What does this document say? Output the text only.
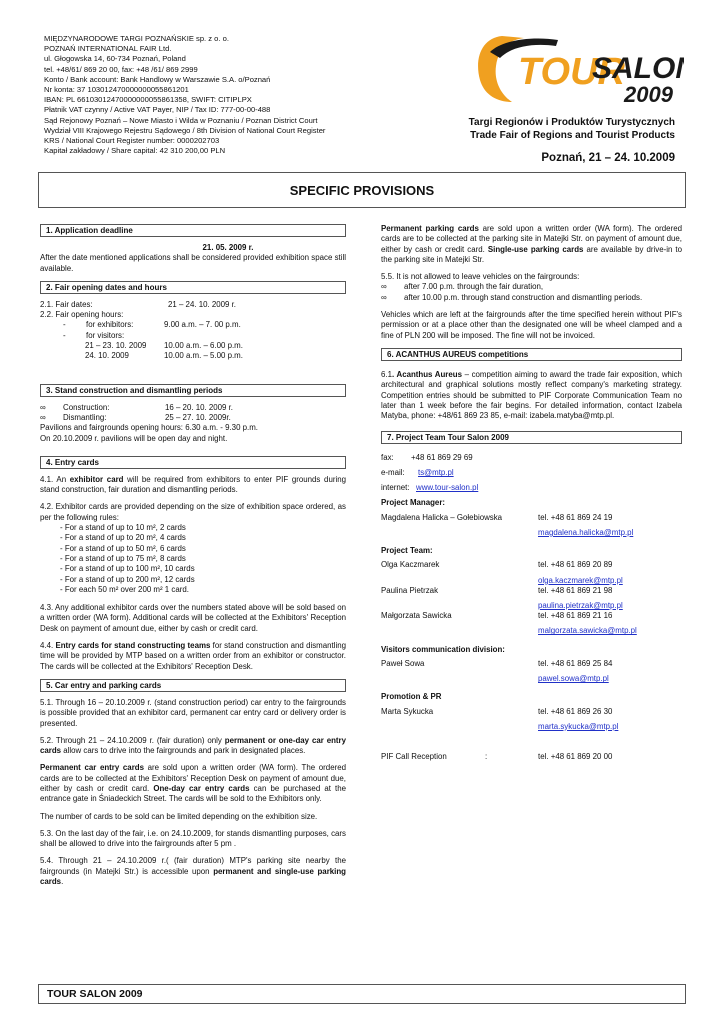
MIĘDZYNARODOWE TARGI POZNAŃSKIE sp. z o. o.
POZNAŃ INTERNATIONAL FAIR Ltd.
ul. Głogowska 14, 60-734 Poznań, Poland
tel. +48/61/ 869 20 00, fax: +48 /61/ 869 2999
Konto / Bank account: Bank Handlowy w Warszawie S.A. o/Poznań
Nr konta: 37 103012470000000055861201
IBAN: PL 66103012470000000055861358, SWIFT: CITIPLPX
Płatnik VAT czynny / Active VAT Payer, NIP / Tax ID: 777-00-00-488
Sąd Rejonowy Poznań – Nowe Miasto i Wilda w Poznaniu / Poznan District Court
Wydział VIII Krajowego Rejestru Sądowego / 8th Division of National Court Register
KRS / National Court Register number: 0000202703
Kapitał zakładowy / Share capital: 42 310 200,00 PLN
TOUR
SALO
2009
Targi Regionów i Produktów Turystycznych
Trade Fair of Regions and Tourist Products
Poznań, 21 – 24. 10.2009
SPECIFIC PROVISIONS
1. Application deadline
21. 05. 2009 r.

After the date mentioned applications shall be considered provided exhibition space still available.

2. Fair opening dates and hours
2.1. Fair dates:	21 – 24. 10. 2009 r.
2.2. Fair opening hours:
-	for exhibitors:	9.00 a.m. – 7. 00 p.m.
-	for visitors:
21 – 23. 10. 2009	10.00 a.m. – 6.00 p.m.
24. 10. 2009	10.00 a.m. – 5.00 p.m.
3. Stand construction and dismantling periods
∞	Construction:	16 – 20. 10. 2009 r.
∞	Dismantling:	25 – 27. 10. 2009r.
Pavilions and fairgrounds opening hours: 6.30 a.m. - 9.30 p.m.
On 20.10.2009 r. pavilions will be open day and night.
4. Entry cards

4.1. An exhibitor card will be required from exhibitors to enter PIF grounds during stand construction, fair duration and dismantling periods.

4.2. Exhibitor cards are provided depending on the size of exhibition space ordered, as per the following rules:

- For a stand of up to 10 m², 2 cards
- For a stand of up to 20 m², 4 cards
- For a stand of up to 50 m², 6 cards
- For a stand of up to 75 m², 8 cards
- For a stand of up to 100 m², 10 cards
- For a stand of up to 200 m², 12 cards
- For each 50 m² over 200 m² 1 card.

4.3. Any additional exhibitor cards over the numbers stated above will be sold based on a written order (WA form). Additional cards will be collected at the Exhibitors' Reception Desk on payment of amount due, either by cash or credit card.

4.4. Entry cards for stand constructing teams for stand construction and dismantling time will be provided by MTP based on a written order from an exhibitor or constructor. The cards will be collected at the Exhibitors' Reception Desk.

5. Car entry and parking cards

5.1. Through 16 – 20.10.2009 r. (stand construction period) car entry to the fairgrounds is possible provided that an exhibitor card, permanent car entry card or delivery order is presented.

5.2. Through 21 – 24.10.2009 r. (fair duration) only permanent or one-day car entry cards allow cars to drive into the fairgrounds and park in designated places.

Permanent car entry cards are sold upon a written order (WA form). The ordered cards are to be collected at the Exhibitors' Reception Desk on payment of amount due, either by cash or credit card. One-day car entry cards can be purchased at the entrance gate in Śniadeckich Street. The cards will be sold to the Exhibitors only.

The number of cards to be sold can be limited depending on the exhibition size.

5.3. On the last day of the fair, i.e. on 24.10.2009, for stands dismantling purposes, cars shall be allowed to drive into the fairgrounds after 5 pm .

5.4. Through 21 – 24.10.2009 r.( (fair duration) MTP's parking site nearby the fairgrounds (in Matejki Str.) is accessible upon permanent and single-use parking cards.

Permanent parking cards are sold upon a written order (WA form). The ordered cards are to be collected at the parking site in Matejki Str. on payment of amount due, either by cash or credit card. Single-use parking cards are available by drive-in to the parking site in Matejki Str.

5.5. It is not allowed to leave vehicles on the fairgrounds:
∞	after 7.00 p.m. through the fair duration,
∞	after 10.00 p.m. through stand construction and dismantling periods.

Vehicles which are left at the fairgrounds after the time specified herein without PIF's permission or at a place other than the designated one will be wheel clamped and a fine of PLN 200 will be imposed. The fine will not be invoiced.

6. ACANTHUS AUREUS competitions

6.1. Acanthus Aureus – competition aiming to award the trade fair exposition, which architectural and graphical solutions mostly reflect company's marketing strategy. Competition entries should be submitted to PIF Corporate Communication Team no later than 1 week before the fair begins. For detailed information, contact Izabela Matyba, phone: +48/61 869 23 85, e-mail: izabela.matyba@mtp.pl.

7. Project Team Tour Salon 2009
fax:	+48 61 869 29 69
e-mail:	ts@mtp.pl
internet: www.tour-salon.pl
Project Manager:
Magdalena Halicka – Gołebiowska	tel. +48 61 869 24 19
magdalena.halicka@mtp.pl
Project Team:
Olga Kaczmarek	tel. +48 61 869 20 89
olga.kaczmarek@mtp.pl
Paulina Pietrzak	tel. +48 61 869 21 98
paulina.pietrzak@mtp.pl
Małgorzata Sawicka	tel. +48 61 869 21 16
malgorzata.sawicka@mtp.pl
Visitors communication division:
Paweł Sowa	tel. +48 61 869 25 84
pawel.sowa@mtp.pl
Promotion & PR
Marta Sykucka	tel. +48 61 869 26 30
marta.sykucka@mtp.pl
PIF Call Reception	:	tel. +48 61 869 20 00
TOUR SALON 2009
